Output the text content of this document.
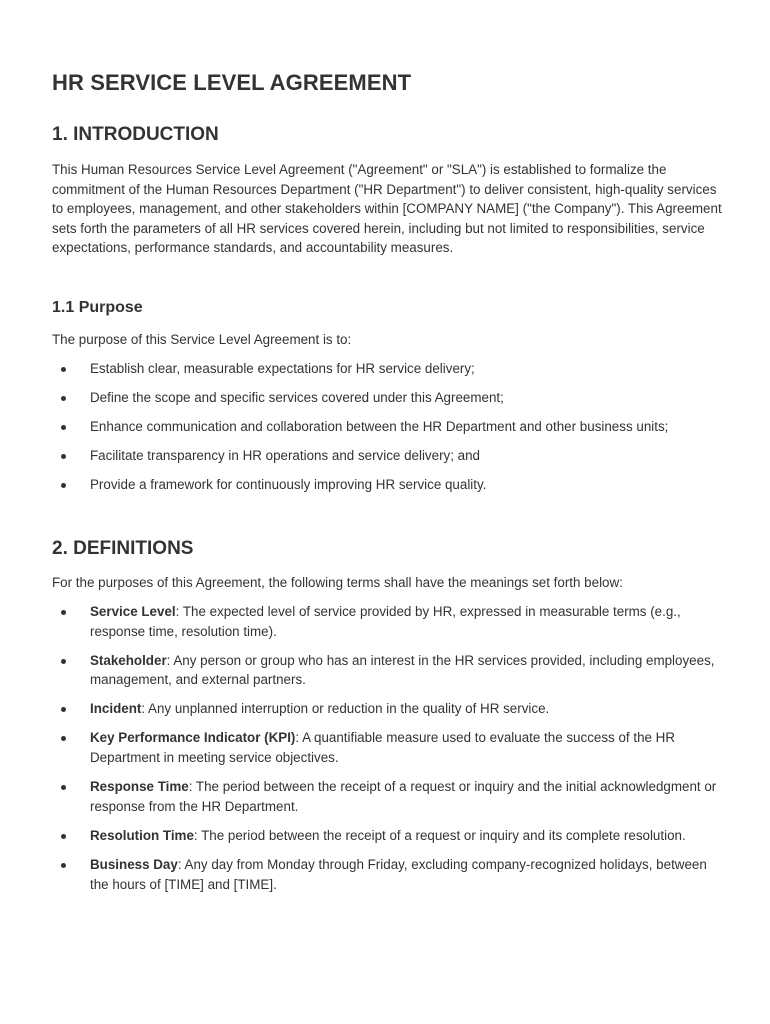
HR SERVICE LEVEL AGREEMENT
1. INTRODUCTION

This Human Resources Service Level Agreement ("Agreement" or "SLA") is established to formalize the commitment of the Human Resources Department ("HR Department") to deliver consistent, high-quality services to employees, management, and other stakeholders within [COMPANY NAME] ("the Company"). This Agreement sets forth the parameters of all HR services covered herein, including but not limited to responsibilities, service expectations, performance standards, and accountability measures.

1.1 Purpose

The purpose of this Service Level Agreement is to:

Establish clear, measurable expectations for HR service delivery;
Define the scope and specific services covered under this Agreement;
Enhance communication and collaboration between the HR Department and other business units;
Facilitate transparency in HR operations and service delivery; and
Provide a framework for continuously improving HR service quality.
2. DEFINITIONS

For the purposes of this Agreement, the following terms shall have the meanings set forth below:

Service Level: The expected level of service provided by HR, expressed in measurable terms (e.g., response time, resolution time).
Stakeholder: Any person or group who has an interest in the HR services provided, including employees, management, and external partners.
Incident: Any unplanned interruption or reduction in the quality of HR service.
Key Performance Indicator (KPI): A quantifiable measure used to evaluate the success of the HR Department in meeting service objectives.
Response Time: The period between the receipt of a request or inquiry and the initial acknowledgment or response from the HR Department.
Resolution Time: The period between the receipt of a request or inquiry and its complete resolution.
Business Day: Any day from Monday through Friday, excluding company-recognized holidays, between the hours of [TIME] and [TIME].
